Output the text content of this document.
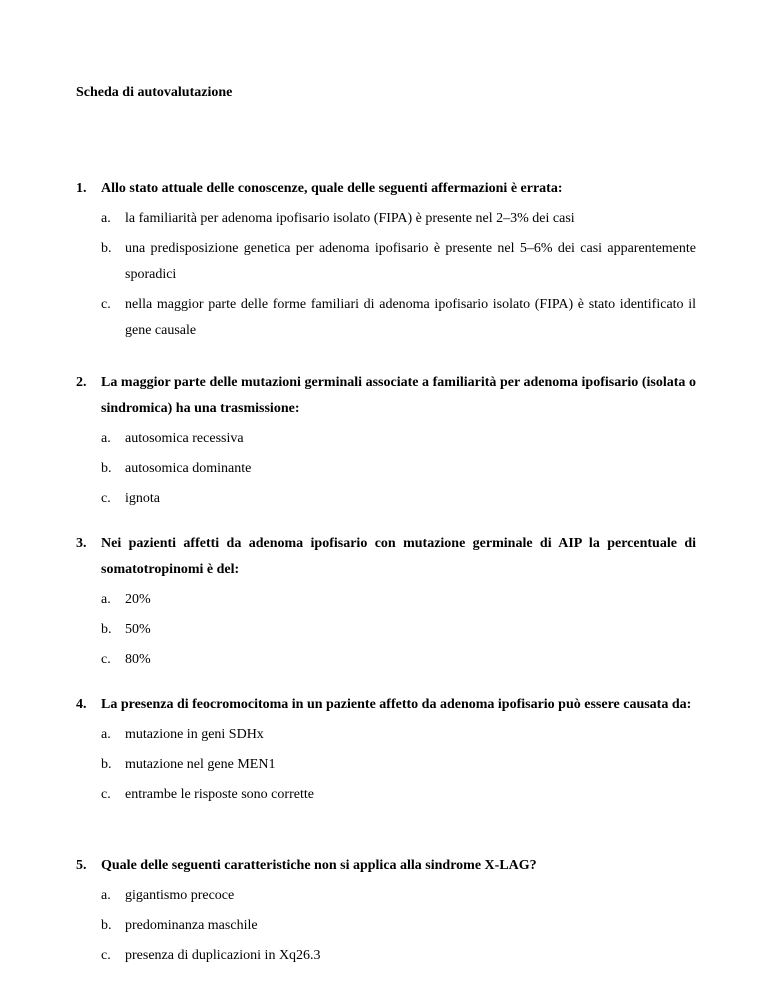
Scheda di autovalutazione
1.	Allo stato attuale delle conoscenze, quale delle seguenti affermazioni è errata:
a.	la familiarità per adenoma ipofisario isolato (FIPA) è presente nel 2–3% dei casi
b. una predisposizione genetica per adenoma ipofisario è presente nel 5–6% dei casi apparentemente sporadici
c.	nella maggior parte delle forme familiari di adenoma ipofisario isolato (FIPA) è stato identificato il gene causale
2.	La maggior parte delle mutazioni germinali associate a familiarità per adenoma ipofisario (isolata o sindromica) ha una trasmissione:
a.	autosomica recessiva
b. autosomica dominante
c.	ignota
3.	Nei pazienti affetti da adenoma ipofisario con mutazione germinale di AIP la percentuale di somatotropinomi è del:
a.	20%
b. 50%
c.	80%
4.	La presenza di feocromocitoma in un paziente affetto da adenoma ipofisario può essere causata da:
a.	mutazione in geni SDHx
b. mutazione nel gene MEN1
c.	entrambe le risposte sono corrette
5.	Quale delle seguenti caratteristiche non si applica alla sindrome X-LAG?
a.	gigantismo precoce
b. predominanza maschile
c.	presenza di duplicazioni in Xq26.3
